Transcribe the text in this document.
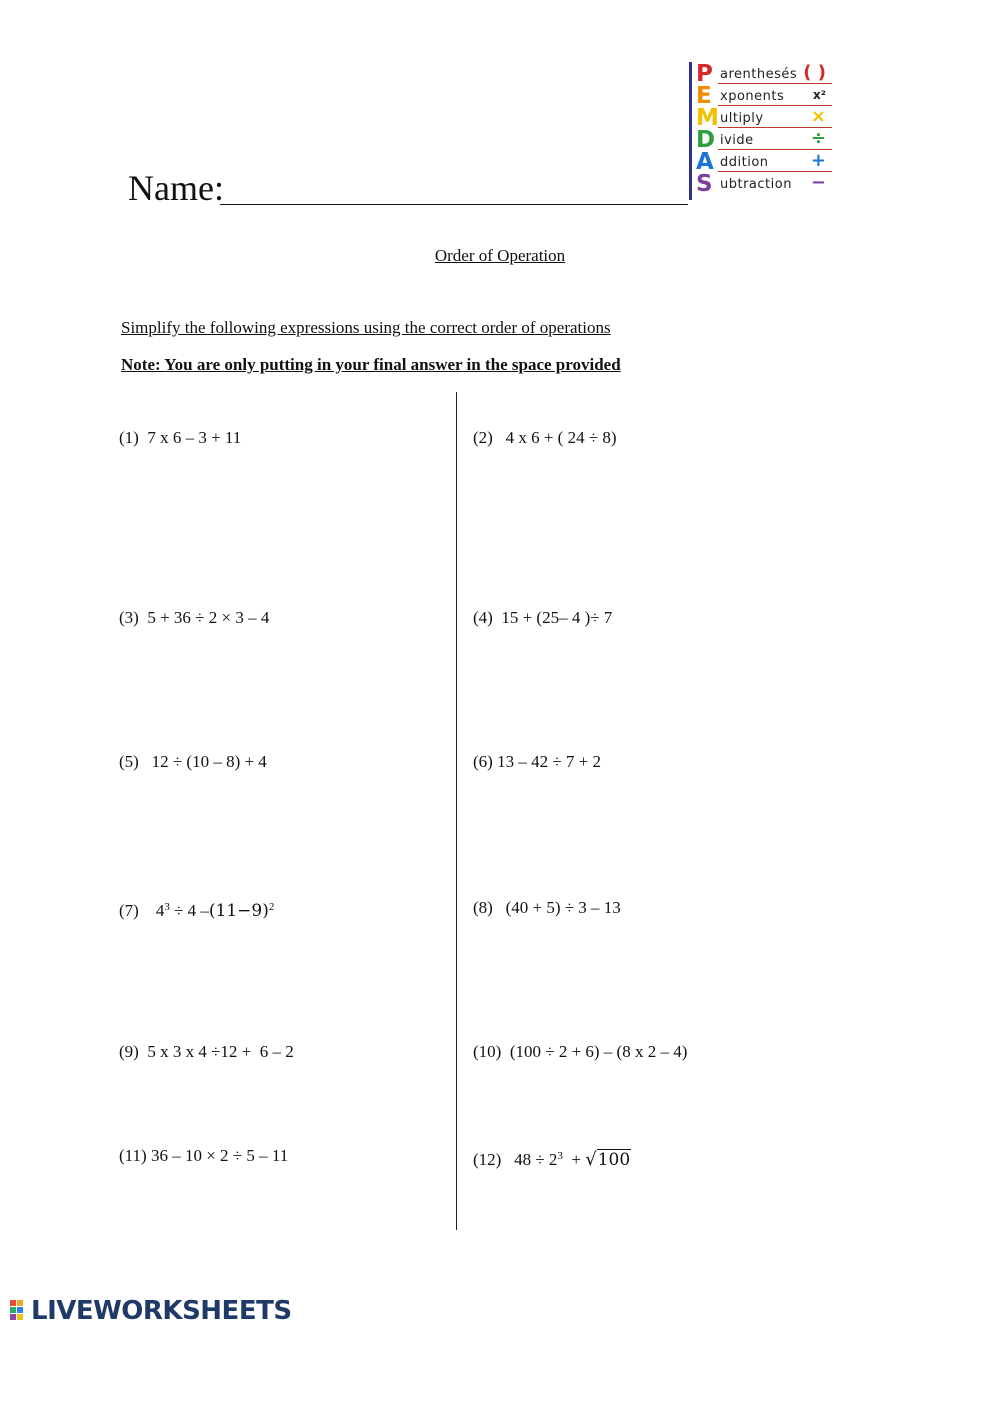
Name:
P arenthesés ( )
E xponents x²
M ultiply	×
D ivide	÷
A ddition +
S ubtraction −
Order of Operation
Simplify the following expressions using the correct order of operations
Note: You are only putting in your final answer in the space provided
(1)  7 x 6 – 3 + 11
(3)  5 + 36 ÷ 2 × 3 – 4
(5)   12 ÷ (10 – 8) + 4
(7)    $4^3 \div 4$ $-(11-9)^2$
(9)  5 x 3 x 4 ÷12 +  6 – 2
(11) 36 – 10 × 2 ÷ 5 – 11
(2)   4 x 6 + ( 24 ÷ 8)
(4)  15 + (25– 4 )÷ 7
(6) 13 – 42 ÷ 7 + 2
(8)   (40 + 5) ÷ 3 – 13
(10)  (100 ÷ 2 + 6) – (8 x 2 – 4)
(12)   $48 \div 2^3 + √100$
LIVEWORKSHEETS
